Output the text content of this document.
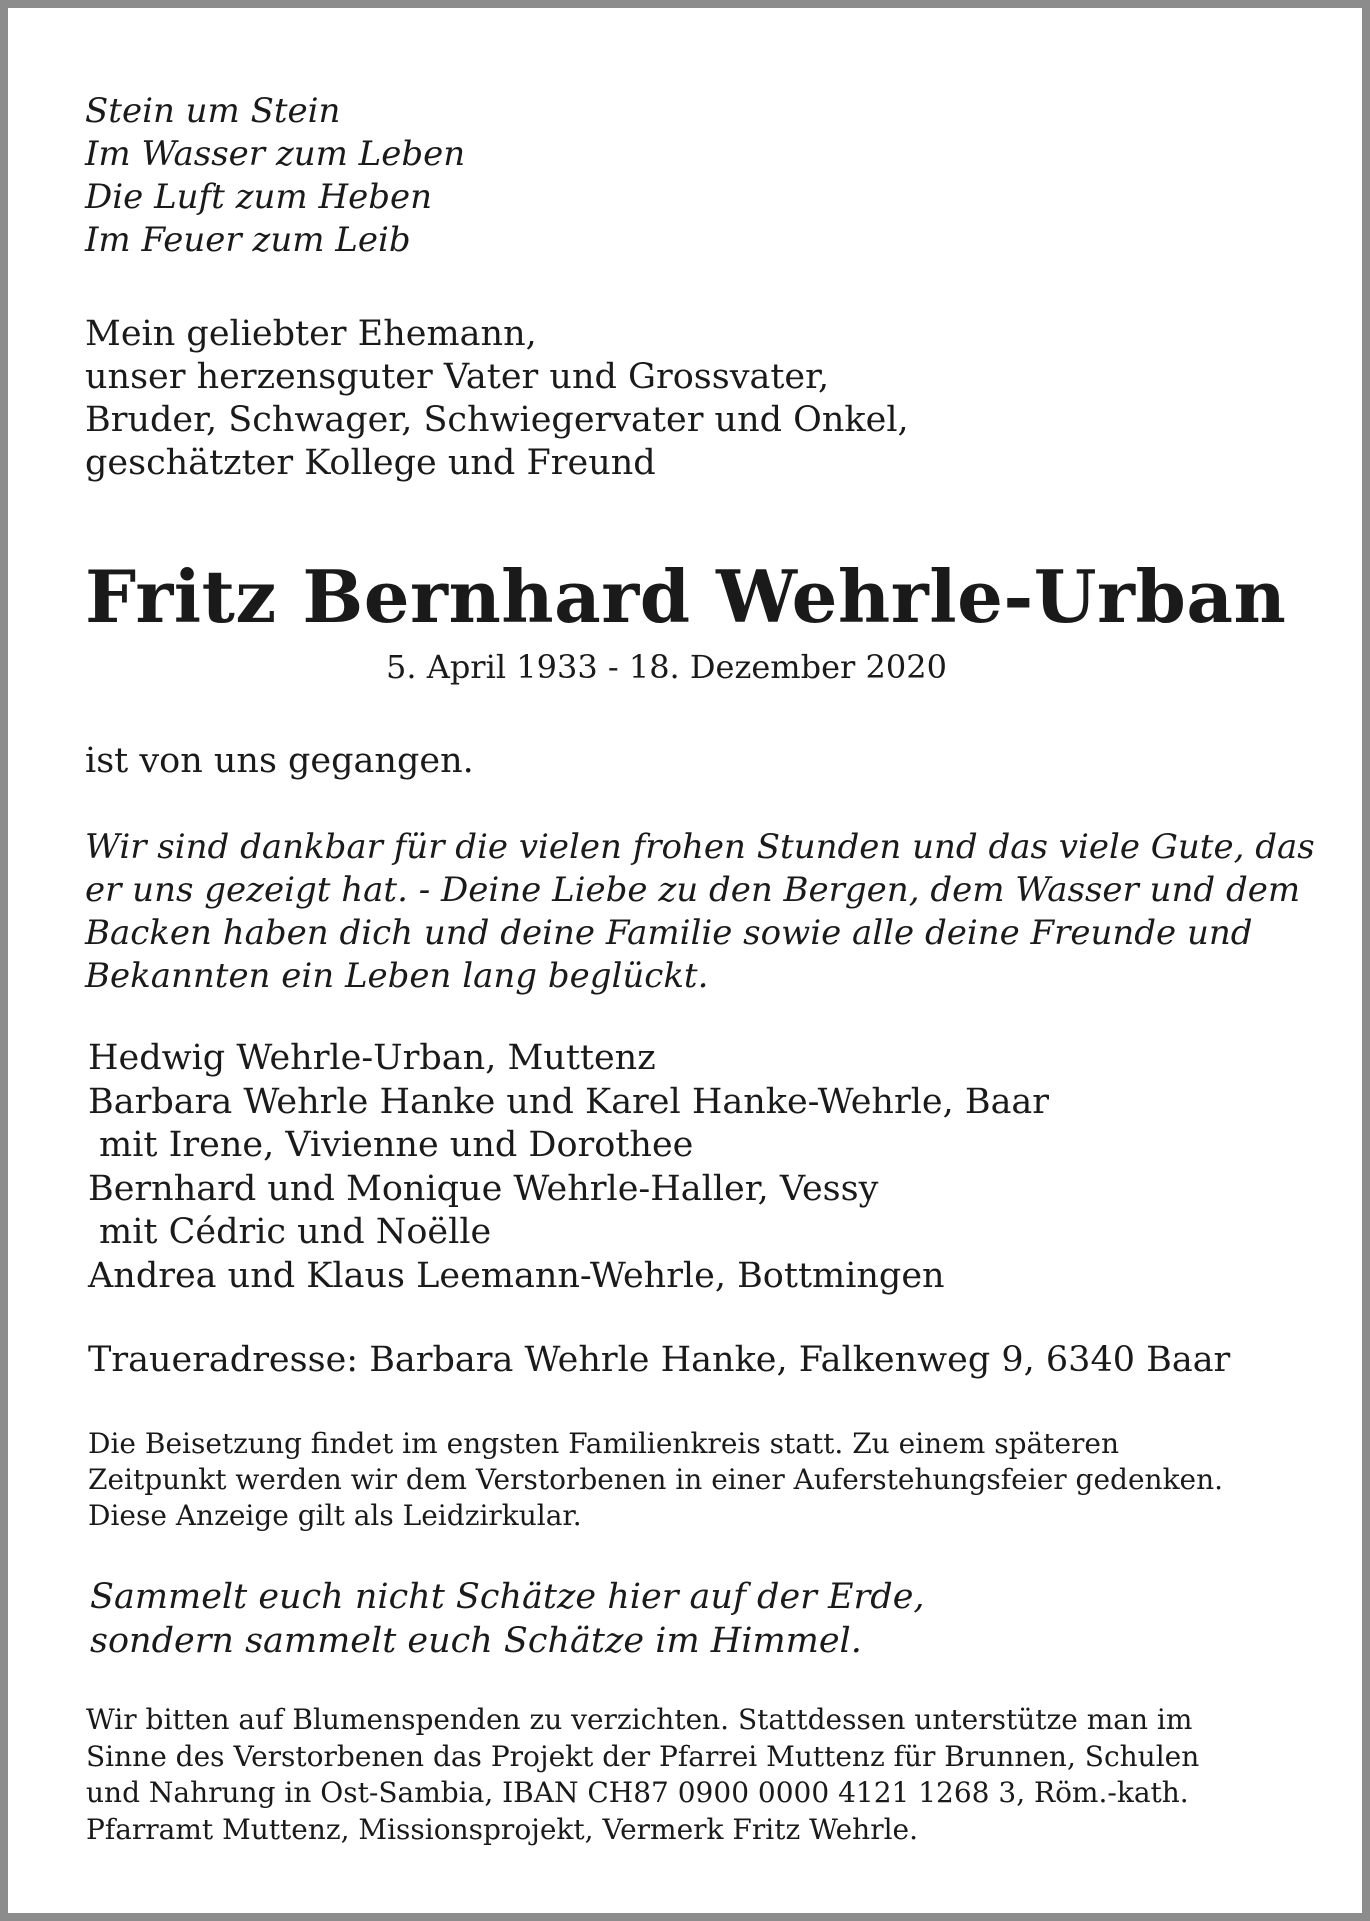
Stein um Stein
Im Wasser zum Leben
Die Luft zum Heben
Im Feuer zum Leib
Mein geliebter Ehemann,
unser herzensguter Vater und Grossvater,
Bruder, Schwager, Schwiegervater und Onkel,
geschätzter Kollege und Freund
Fritz Bernhard Wehrle-Urban
5. April 1933 - 18. Dezember 2020
ist von uns gegangen.
Wir sind dankbar für die vielen frohen Stunden und das viele Gute, das
er uns gezeigt hat. - Deine Liebe zu den Bergen, dem Wasser und dem
Backen haben dich und deine Familie sowie alle deine Freunde und
Bekannten ein Leben lang beglückt.
Hedwig Wehrle-Urban, Muttenz
Barbara Wehrle Hanke und Karel Hanke-Wehrle, Baar
mit Irene, Vivienne und Dorothee
Bernhard und Monique Wehrle-Haller, Vessy
mit Cédric und Noëlle
Andrea und Klaus Leemann-Wehrle, Bottmingen
Traueradresse: Barbara Wehrle Hanke, Falkenweg 9, 6340 Baar
Die Beisetzung findet im engsten Familienkreis statt. Zu einem späteren
Zeitpunkt werden wir dem Verstorbenen in einer Auferstehungsfeier gedenken.
Diese Anzeige gilt als Leidzirkular.
Sammelt euch nicht Schätze hier auf der Erde,
sondern sammelt euch Schätze im Himmel.
Wir bitten auf Blumenspenden zu verzichten. Stattdessen unterstütze man im
Sinne des Verstorbenen das Projekt der Pfarrei Muttenz für Brunnen, Schulen
und Nahrung in Ost-Sambia, IBAN CH87 0900 0000 4121 1268 3, Röm.-kath.
Pfarramt Muttenz, Missionsprojekt, Vermerk Fritz Wehrle.
